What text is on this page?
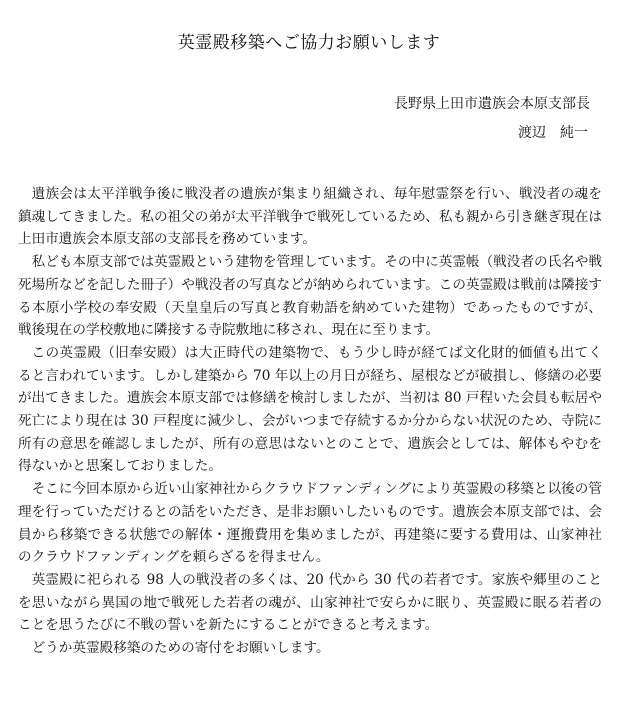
英霊殿移築へご協力お願いします
長野県上田市遺族会本原支部長
渡辺　純一

遺族会は太平洋戦争後に戦没者の遺族が集まり組織され、毎年慰霊祭を行い、戦没者の魂を鎮魂してきました。私の祖父の弟が太平洋戦争で戦死しているため、私も親から引き継ぎ現在は上田市遺族会本原支部の支部長を務めています。

私ども本原支部では英霊殿という建物を管理しています。その中に英霊帳（戦没者の氏名や戦死場所などを記した冊子）や戦没者の写真などが納められています。この英霊殿は戦前は隣接する本原小学校の奉安殿（天皇皇后の写真と教育勅語を納めていた建物）であったものですが、戦後現在の学校敷地に隣接する寺院敷地に移され、現在に至ります。

この英霊殿（旧奉安殿）は大正時代の建築物で、もう少し時が経てば文化財的価値も出てくると言われています。しかし建築から 70 年以上の月日が経ち、屋根などが破損し、修繕の必要が出てきました。遺族会本原支部では修繕を検討しましたが、当初は 80 戸程いた会員も転居や死亡により現在は 30 戸程度に減少し、会がいつまで存続するか分からない状況のため、寺院に所有の意思を確認しましたが、所有の意思はないとのことで、遺族会としては、解体もやむを得ないかと思案しておりました。

そこに今回本原から近い山家神社からクラウドファンディングにより英霊殿の移築と以後の管理を行っていただけるとの話をいただき、是非お願いしたいものです。遺族会本原支部では、会員から移築できる状態での解体・運搬費用を集めましたが、再建築に要する費用は、山家神社のクラウドファンディングを頼らざるを得ません。

英霊殿に祀られる 98 人の戦没者の多くは、20 代から 30 代の若者です。家族や郷里のことを思いながら異国の地で戦死した若者の魂が、山家神社で安らかに眠り、英霊殿に眠る若者のことを思うたびに不戦の誓いを新たにすることができると考えます。

どうか英霊殿移築のための寄付をお願いします。
